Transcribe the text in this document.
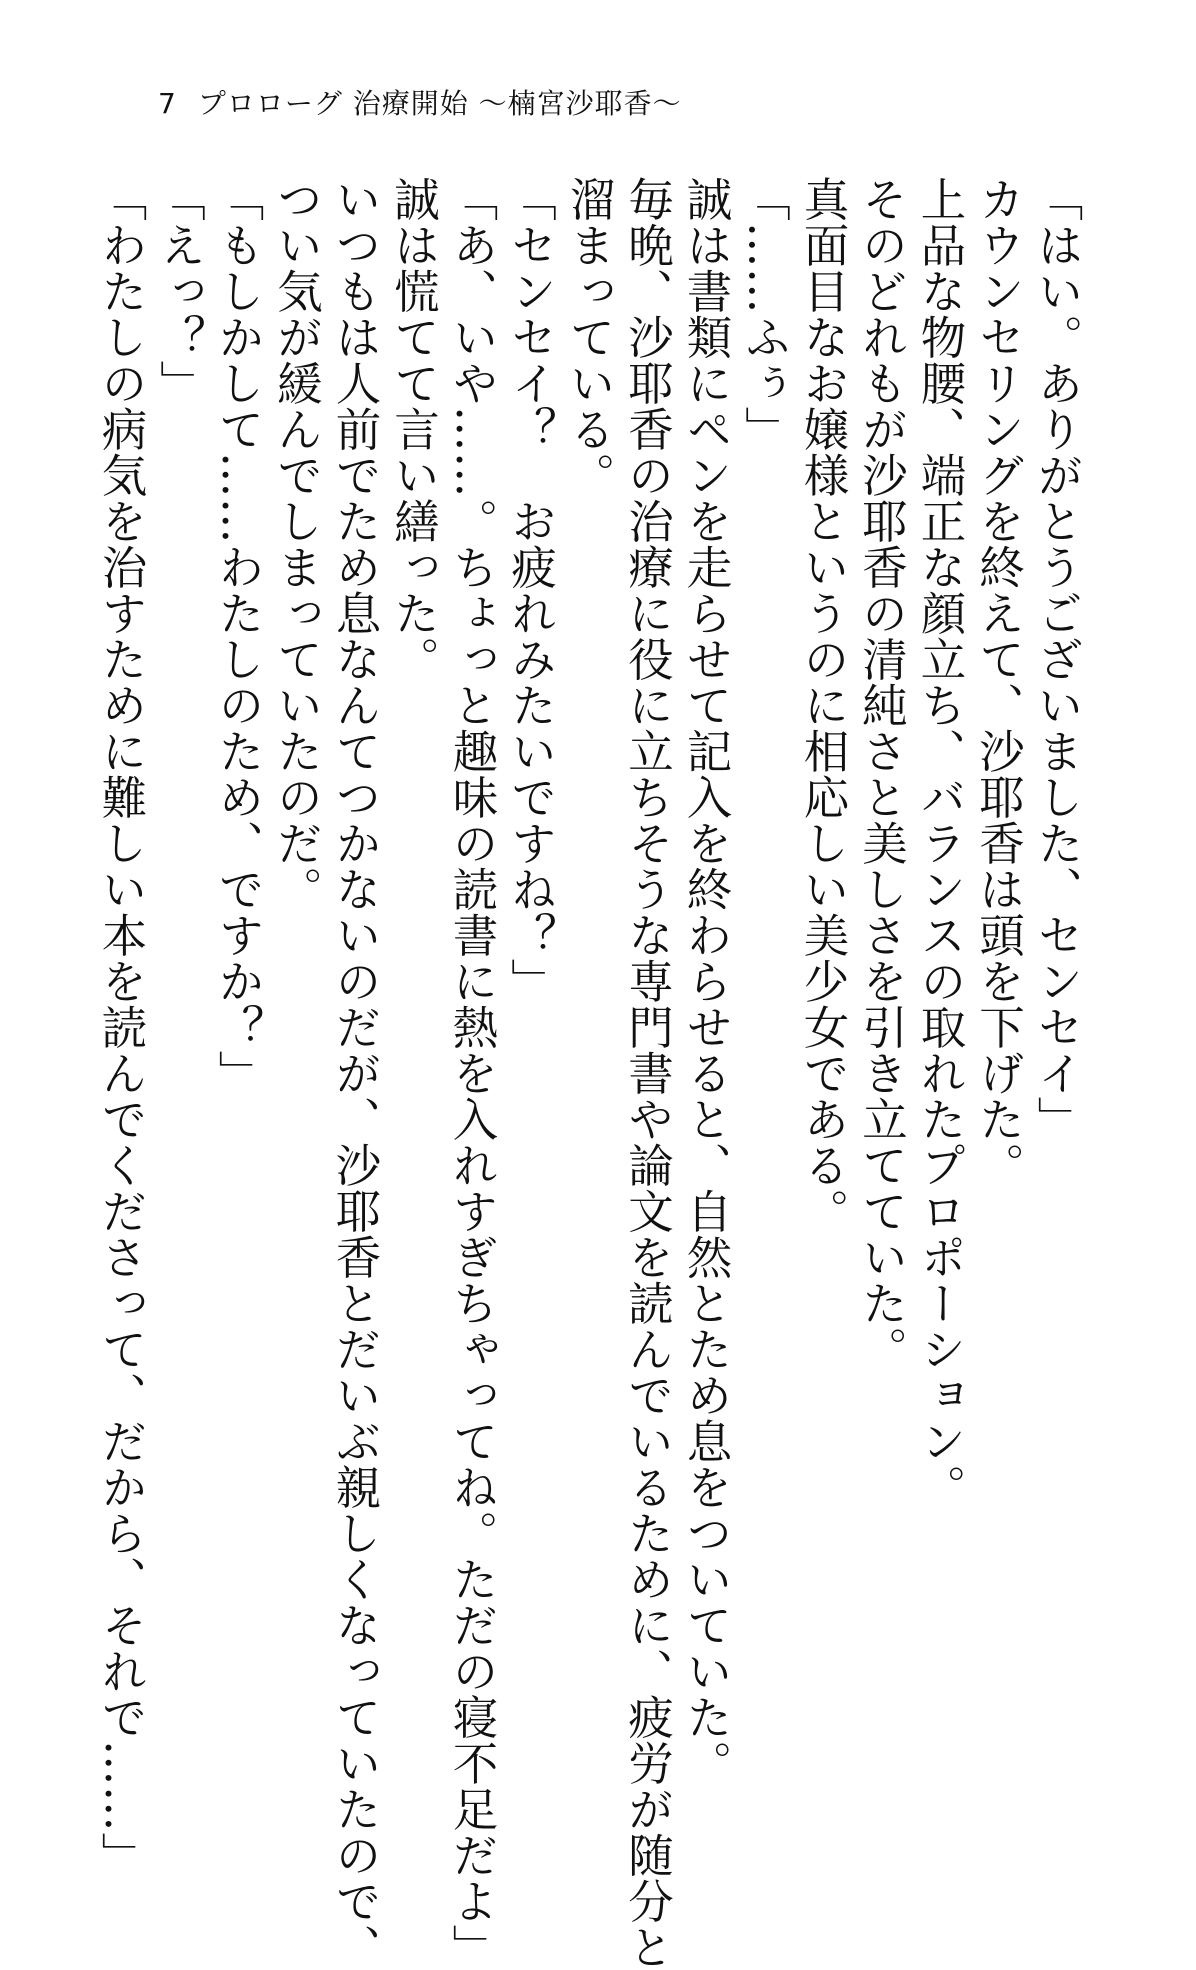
7 プロローグ 治療開始 〜楠宮沙耶香〜
「はい。ありがとうございました、センセイ」
カウンセリングを終えて、沙耶香は頭を下げた。
上品な物腰、端正な顔立ち、バランスの取れたプロポーション。
そのどれもが沙耶香の清純さと美しさを引き立てていた。
真面目なお嬢様というのに相応しい美少女である。
「……ふぅ」
誠は書類にペンを走らせて記入を終わらせると、自然とため息をついていた。
毎晩、沙耶香の治療に役に立ちそうな専門書や論文を読んでいるために、疲労が随分と
溜まっている。
「センセイ？　お疲れみたいですね？」
「あ、いや……。ちょっと趣味の読書に熱を入れすぎちゃってね。ただの寝不足だよ」
誠は慌てて言い繕った。
いつもは人前でため息なんてつかないのだが、沙耶香とだいぶ親しくなっていたので、
つい気が緩んでしまっていたのだ。
「もしかして……わたしのため、ですか？」
「えっ？」
「わたしの病気を治すために難しい本を読んでくださって、だから、それで……」
